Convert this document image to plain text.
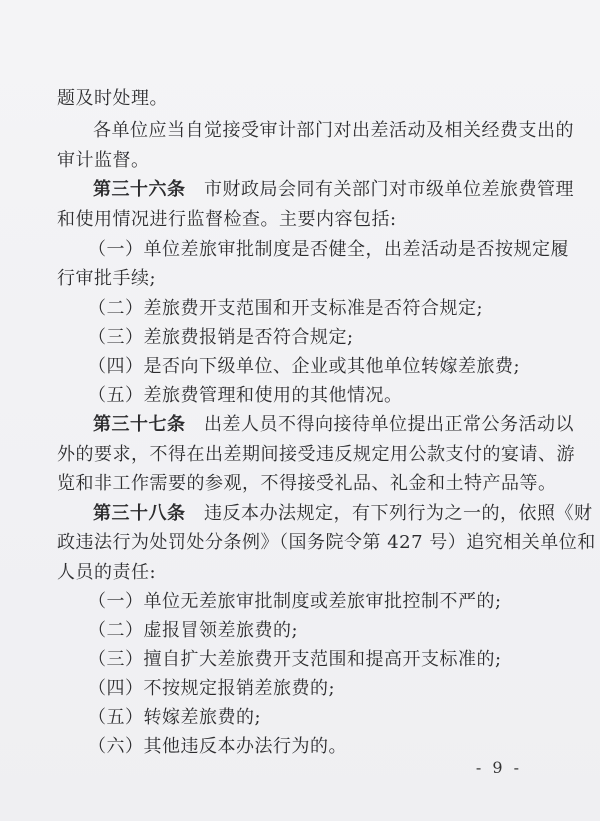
题及时处理。
各单位应当自觉接受审计部门对出差活动及相关经费支出的
审计监督。
第三十六条　市财政局会同有关部门对市级单位差旅费管理
和使用情况进行监督检查。主要内容包括:
（一）单位差旅审批制度是否健全，出差活动是否按规定履
行审批手续;
（二）差旅费开支范围和开支标准是否符合规定;
（三）差旅费报销是否符合规定;
（四）是否向下级单位、企业或其他单位转嫁差旅费;
（五）差旅费管理和使用的其他情况。
第三十七条　出差人员不得向接待单位提出正常公务活动以
外的要求，不得在出差期间接受违反规定用公款支付的宴请、游
览和非工作需要的参观，不得接受礼品、礼金和土特产品等。
第三十八条　违反本办法规定，有下列行为之一的，依照《财
政违法行为处罚处分条例》（国务院令第 427 号）追究相关单位和
人员的责任:
（一）单位无差旅审批制度或差旅审批控制不严的;
（二）虚报冒领差旅费的;
（三）擅自扩大差旅费开支范围和提高开支标准的;
（四）不按规定报销差旅费的;
（五）转嫁差旅费的;
（六）其他违反本办法行为的。
- 9 -
